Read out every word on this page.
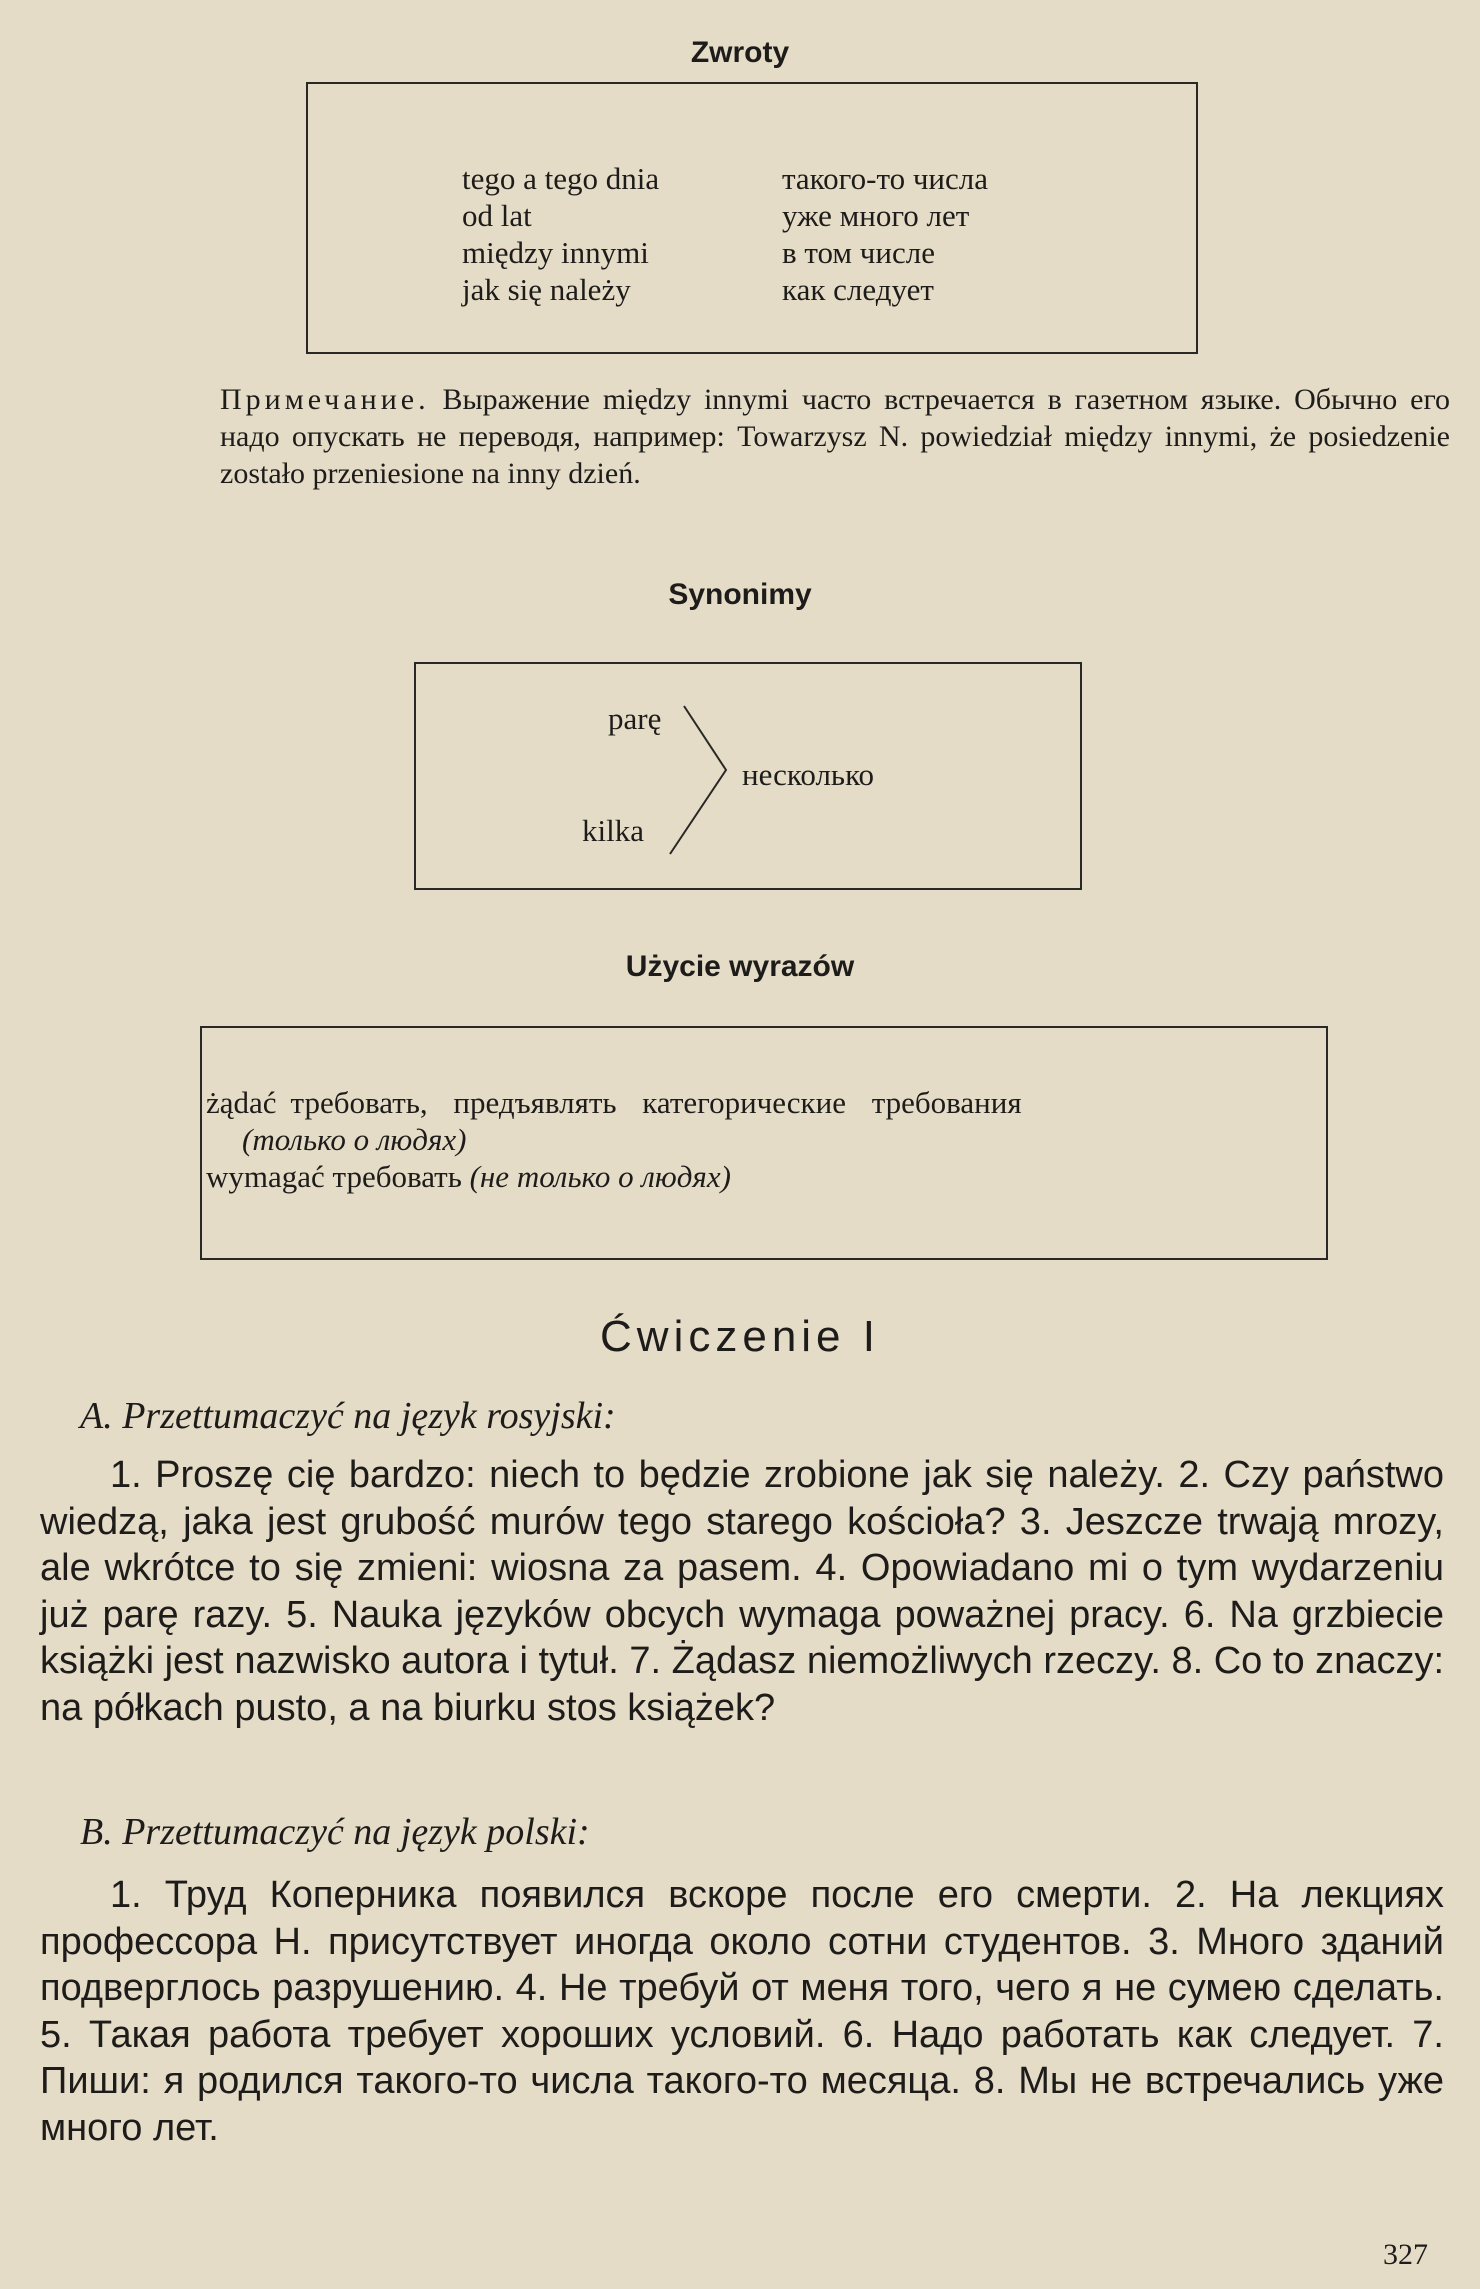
Zwroty
tego a tego dnia	такого-то числа
od lat	уже много лет
między innymi	в том числе
jak się należy	как следует
Примечание. Выражение między innymi часто встречается в газетном языке. Обычно его надо опускать не переводя, например: Towarzysz N. powiedział między innymi, że posiedzenie zostało przeniesione na inny dzień.
Synonimy
parę
kilka
несколько
Użycie wyrazów
żądać требовать, предъявлять категорические требования
(только о людях)
wymagać требовать (не только о людях)
Ćwiczenie I
A. Przettumaczyć na język rosyjski:
1. Proszę cię bardzo: niech to będzie zrobione jak się należy. 2. Czy państwo wiedzą, jaka jest grubość murów tego starego kościoła? 3. Jeszcze trwają mrozy, ale wkrótce to się zmieni: wiosna za pasem. 4. Opowiadano mi o tym wydarzeniu już parę razy. 5. Nauka języków obcych wymaga poważnej pracy. 6. Na grzbiecie książki jest nazwisko autora i tytuł. 7. Żądasz niemożliwych rzeczy. 8. Co to znaczy: na półkach pusto, a na biurku stos książek?
B. Przettumaczyć na język polski:
1. Труд Коперника появился вскоре после его смерти. 2. На лекциях профессора Н. присутствует иногда около сотни студентов. 3. Много зданий подверглось разрушению. 4. Не требуй от меня того, чего я не сумею сделать. 5. Такая работа требует хороших условий. 6. Надо работать как следует. 7. Пиши: я родился такого-то числа такого-то месяца. 8. Мы не встречались уже много лет.
327
